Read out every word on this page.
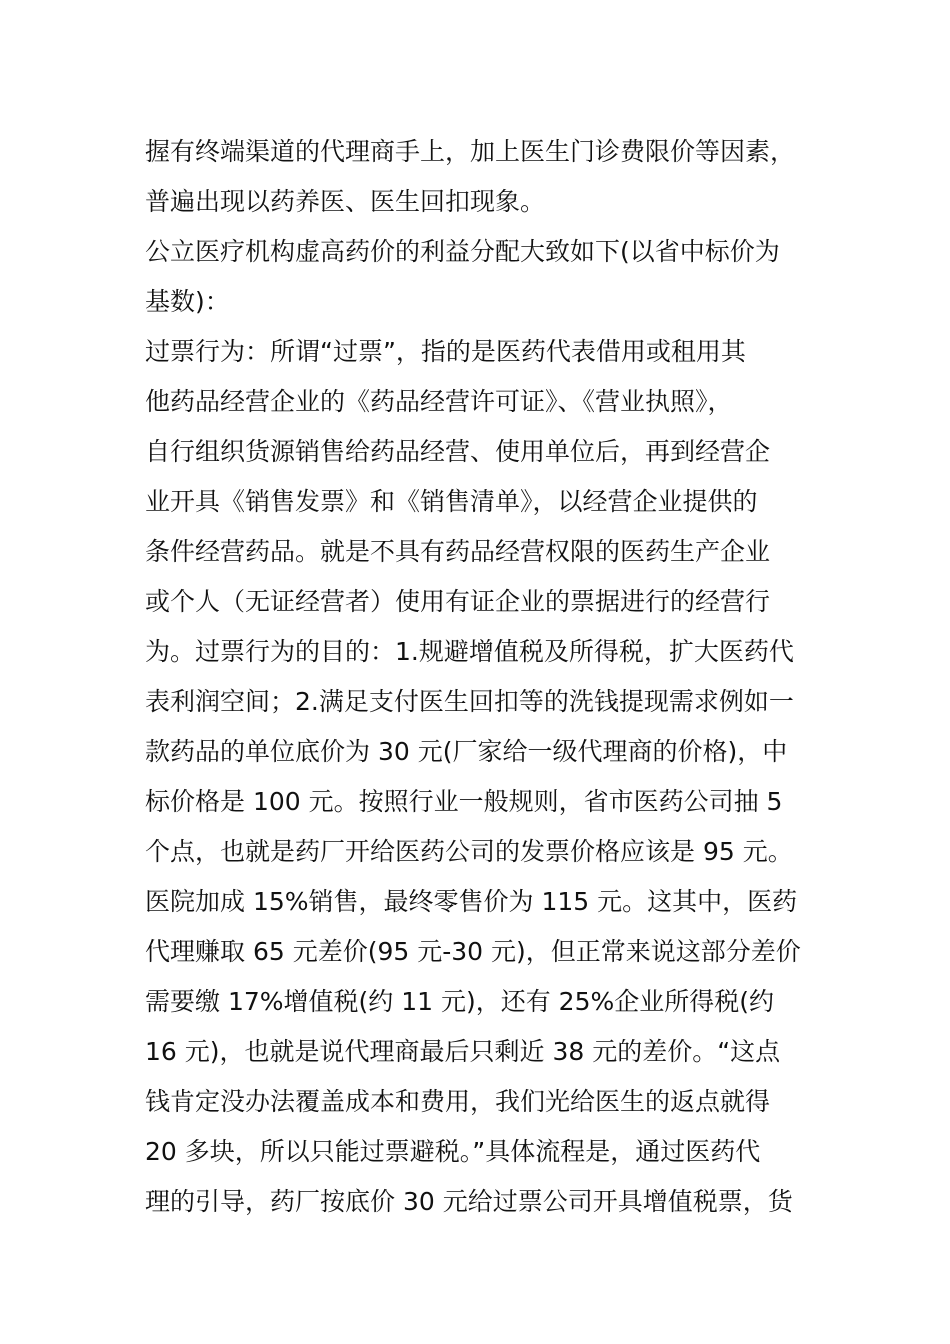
握有终端渠道的代理商手上，加上医生门诊费限价等因素，
普遍出现以药养医、医生回扣现象。
公立医疗机构虚高药价的利益分配大致如下(以省中标价为
基数)：
过票行为：所谓“过票”，指的是医药代表借用或租用其
他药品经营企业的《药品经营许可证》、《营业执照》，
自行组织货源销售给药品经营、使用单位后，再到经营企
业开具《销售发票》和《销售清单》，以经营企业提供的
条件经营药品。就是不具有药品经营权限的医药生产企业
或个人（无证经营者）使用有证企业的票据进行的经营行
为。过票行为的目的：1.规避增值税及所得税，扩大医药代
表利润空间；2.满足支付医生回扣等的洗钱提现需求例如一
款药品的单位底价为 30 元(厂家给一级代理商的价格)，中
标价格是 100 元。按照行业一般规则，省市医药公司抽 5
个点，也就是药厂开给医药公司的发票价格应该是 95 元。
医院加成 15%销售，最终零售价为 115 元。这其中，医药
代理赚取 65 元差价(95 元-30 元)，但正常来说这部分差价
需要缴 17%增值税(约 11 元)，还有 25%企业所得税(约
16 元)，也就是说代理商最后只剩近 38 元的差价。“这点
钱肯定没办法覆盖成本和费用，我们光给医生的返点就得
20 多块，所以只能过票避税。”具体流程是，通过医药代
理的引导，药厂按底价 30 元给过票公司开具增值税票，货
